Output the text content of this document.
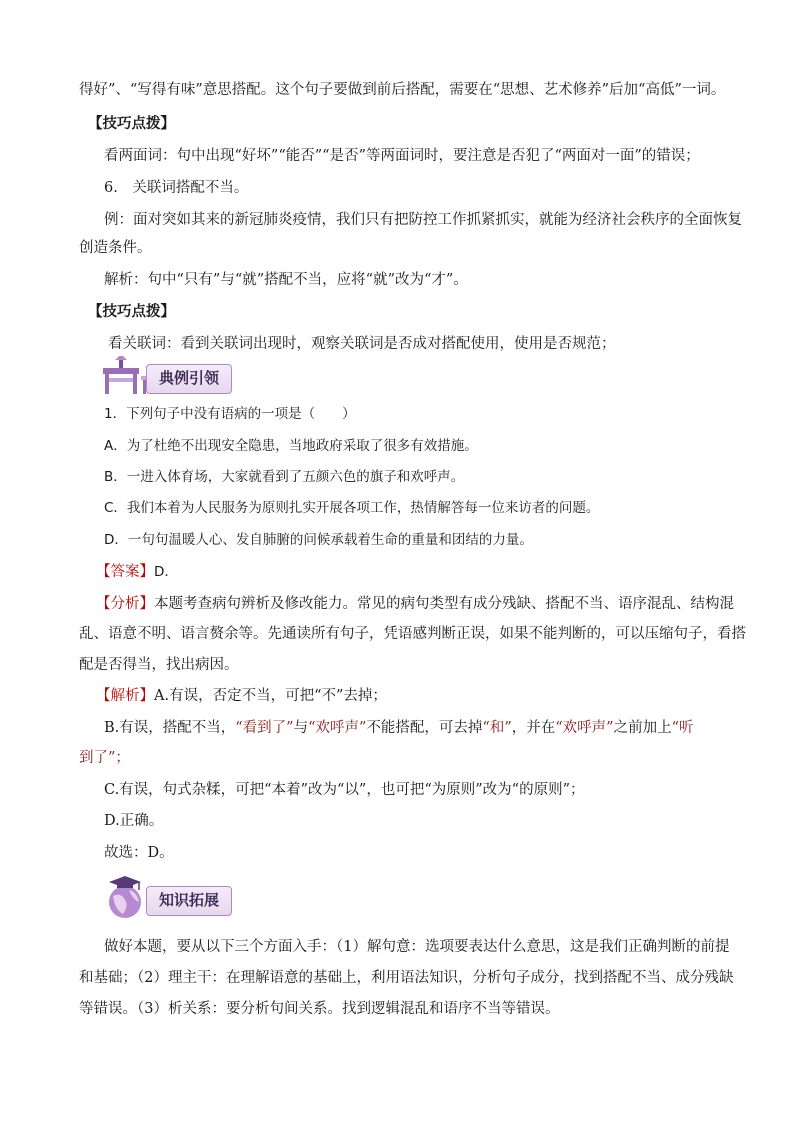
得好”、“写得有味”意思搭配。这个句子要做到前后搭配，需要在“思想、艺术修养”后加“高低”一词。
【技巧点拨】
看两面词：句中出现“好坏”“能否”“是否”等两面词时，要注意是否犯了“两面对一面”的错误；
6.　关联词搭配不当。
例：面对突如其来的新冠肺炎疫情，我们只有把防控工作抓紧抓实，就能为经济社会秩序的全面恢复
创造条件。
解析：句中“只有”与“就”搭配不当，应将“就”改为“才”。
【技巧点拨】
看关联词：看到关联词出现时，观察关联词是否成对搭配使用，使用是否规范；
典例引领
1．下列句子中没有语病的一项是（　　）
A．为了杜绝不出现安全隐患，当地政府采取了很多有效措施。
B．一进入体育场，大家就看到了五颜六色的旗子和欢呼声。
C．我们本着为人民服务为原则扎实开展各项工作，热情解答每一位来访者的问题。
D．一句句温暖人心、发自肺腑的问候承载着生命的重量和团结的力量。
【答案】D．
【分析】本题考查病句辨析及修改能力。常见的病句类型有成分残缺、搭配不当、语序混乱、结构混
乱、语意不明、语言赘余等。先通读所有句子，凭语感判断正误，如果不能判断的，可以压缩句子，看搭
配是否得当，找出病因。
【解析】A.有误，否定不当，可把“不”去掉；
B.有误，搭配不当，“看到了”与“欢呼声”不能搭配，可去掉“和”，并在“欢呼声”之前加上“听
到了”；
C.有误，句式杂糅，可把“本着”改为“以”，也可把“为原则”改为“的原则”；
D.正确。
故选：D。
知识拓展
做好本题，要从以下三个方面入手：（1）解句意：选项要表达什么意思，这是我们正确判断的前提
和基础；（2）理主干：在理解语意的基础上，利用语法知识，分析句子成分，找到搭配不当、成分残缺
等错误。（3）析关系：要分析句间关系。找到逻辑混乱和语序不当等错误。
